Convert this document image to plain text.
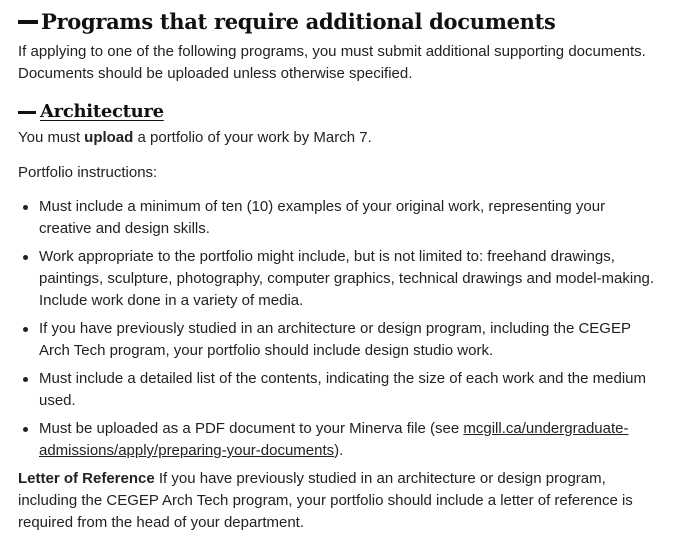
Programs that require additional documents
If applying to one of the following programs, you must submit additional supporting documents. Documents should be uploaded unless otherwise specified.
Architecture

You must upload a portfolio of your work by March 7.

Portfolio instructions:

Must include a minimum of ten (10) examples of your original work, representing your creative and design skills.
Work appropriate to the portfolio might include, but is not limited to: freehand drawings, paintings, sculpture, photography, computer graphics, technical drawings and model-making. Include work done in a variety of media.
If you have previously studied in an architecture or design program, including the CEGEP Arch Tech program, your portfolio should include design studio work.
Must include a detailed list of the contents, indicating the size of each work and the medium used.
Must be uploaded as a PDF document to your Minerva file (see mcgill.ca/undergraduate-admissions/apply/preparing-your-documents).

Letter of Reference If you have previously studied in an architecture or design program, including the CEGEP Arch Tech program, your portfolio should include a letter of reference is required from the head of your department.
